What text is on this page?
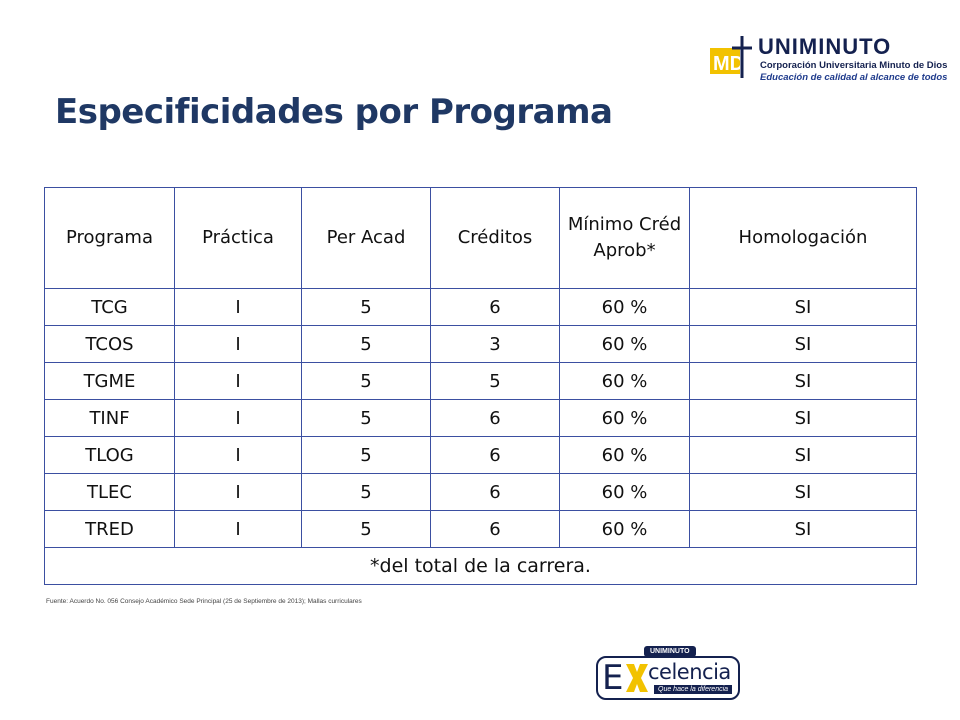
MD
UNIMINUTO
Corporación Universitaria Minuto de Dios
Educación de calidad al alcance de todos
Especificidades por Programa
Programa	Práctica	Per Acad	Créditos	Mínimo Créd Aprob*	Homologación
TCG	I	5	6	60 %	SI
TCOS	I	5	3	60 %	SI
TGME	I	5	5	60 %	SI
TINF	I	5	6	60 %	SI
TLOG	I	5	6	60 %	SI
TLEC	I	5	6	60 %	SI
TRED	I	5	6	60 %	SI
*del total de la carrera.					
Fuente: Acuerdo No. 056 Consejo Académico Sede Principal (25 de Septiembre de 2013); Mallas curriculares
UNIMINUTO
E celencia
Que hace la diferencia
